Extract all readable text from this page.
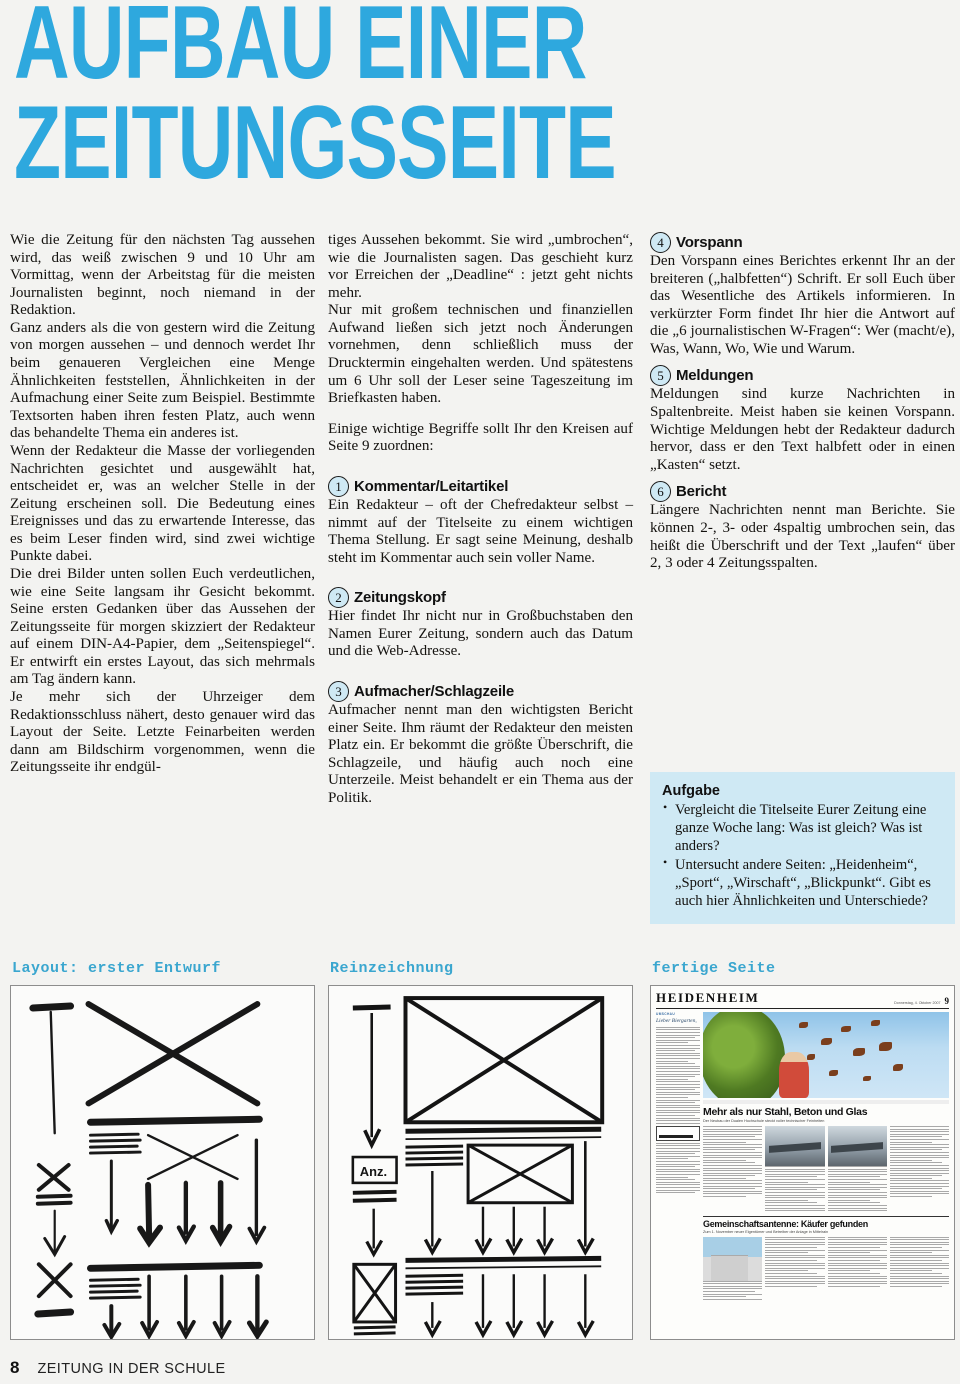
AUFBAU EINER
ZEITUNGSSEITE

Wie die Zeitung für den nächsten Tag aussehen wird, das weiß zwischen 9 und 10 Uhr am Vormittag, wenn der Arbeitstag für die meisten Journalisten beginnt, noch niemand in der Redaktion.

Ganz anders als die von gestern wird die Zeitung von morgen aussehen – und dennoch werdet Ihr beim genaueren Vergleichen eine Menge Ähnlichkeiten feststellen, Ähnlichkeiten in der Aufmachung einer Seite zum Beispiel. Bestimmte Textsorten haben ihren festen Platz, auch wenn das behandelte Thema ein anderes ist.

Wenn der Redakteur die Masse der vorliegenden Nachrichten gesichtet und ausgewählt hat, entscheidet er, was an welcher Stelle in der Zeitung erscheinen soll. Die Bedeutung eines Ereignisses und das zu erwartende Interesse, das es beim Leser finden wird, sind zwei wichtige Punkte dabei.

Die drei Bilder unten sollen Euch verdeutlichen, wie eine Seite langsam ihr Gesicht bekommt. Seine ersten Gedanken über das Aussehen der Zeitungsseite für morgen skizziert der Redakteur auf einem DIN-A4-Papier, dem „Seitenspiegel“. Er entwirft ein erstes Layout, das sich mehrmals am Tag ändern kann.

Je mehr sich der Uhrzeiger dem Redaktionsschluss nähert, desto genauer wird das Layout der Seite. Letzte Feinarbeiten werden dann am Bildschirm vorgenommen, wenn die Zeitungsseite ihr endgül-

tiges Aussehen bekommt. Sie wird „umbrochen“, wie die Journalisten sagen. Das geschieht kurz vor Erreichen der „Deadline“ : jetzt geht nichts mehr.

Nur mit großem technischen und finanziellen Aufwand ließen sich jetzt noch Änderungen vornehmen, denn schließlich muss der Drucktermin eingehalten werden. Und spätestens um 6 Uhr soll der Leser seine Tageszeitung im Briefkasten haben.

Einige wichtige Begriffe sollt Ihr den Kreisen auf Seite 9 zuordnen:

1 Kommentar/Leitartikel
Ein Redakteur – oft der Chefredakteur selbst – nimmt auf der Titelseite zu einem wichtigen Thema Stellung. Er sagt seine Meinung, deshalb steht im Kommentar auch sein voller Name.
2 Zeitungskopf
Hier findet Ihr nicht nur in Großbuchstaben den Namen Eurer Zeitung, sondern auch das Datum und die Web-Adresse.
3 Aufmacher/Schlagzeile
Aufmacher nennt man den wichtigsten Bericht einer Seite. Ihm räumt der Redakteur den meisten Platz ein. Er bekommt die größte Überschrift, die Schlagzeile, und häufig auch noch eine Unterzeile. Meist behandelt er ein Thema aus der Politik.
4 Vorspann
Den Vorspann eines Berichtes erkennt Ihr an der breiteren („halbfetten“) Schrift. Er soll Euch über das Wesentliche des Artikels informieren. In verkürzter Form findet Ihr hier die Antwort auf die „6 journalistischen W-Fragen“: Wer (macht/e), Was, Wann, Wo, Wie und Warum.
5 Meldungen
Meldungen sind kurze Nachrichten in Spaltenbreite. Meist haben sie keinen Vorspann. Wichtige Meldungen hebt der Redakteur dadurch hervor, dass er den Text halbfett oder in einen „Kasten“ setzt.
6 Bericht
Längere Nachrichten nennt man Berichte. Sie können 2-, 3- oder 4spaltig umbrochen sein, das heißt die Überschrift und der Text „laufen“ über 2, 3 oder 4 Zeitungsspalten.
Aufgabe
• Vergleicht die Titelseite Eurer Zeitung eine ganze Woche lang: Was ist gleich? Was ist anders?
• Untersucht andere Seiten: „Heidenheim“, „Sport“, „Wirschaft“, „Blickpunkt“. Gibt es auch hier Ähnlichkeiten und Unterschiede?
Layout: erster Entwurf	Reinzeichnung
Anz.
fertige Seite
HEIDENHEIM	Donnerstag, 4. Oktober 2007 9
UMSCHAU
Lieber Biergarten,
Mehr als nur Stahl, Beton und Glas
Der Neubau der Dualen Hochschule steckt voller technischer Feinheiten
Gemeinschaftsantenne: Käufer gefunden
Zum 1. November neuer Eigentümer und Betreiber der Anlage in Mittelrain
8 ZEITUNG IN DER SCHULE
